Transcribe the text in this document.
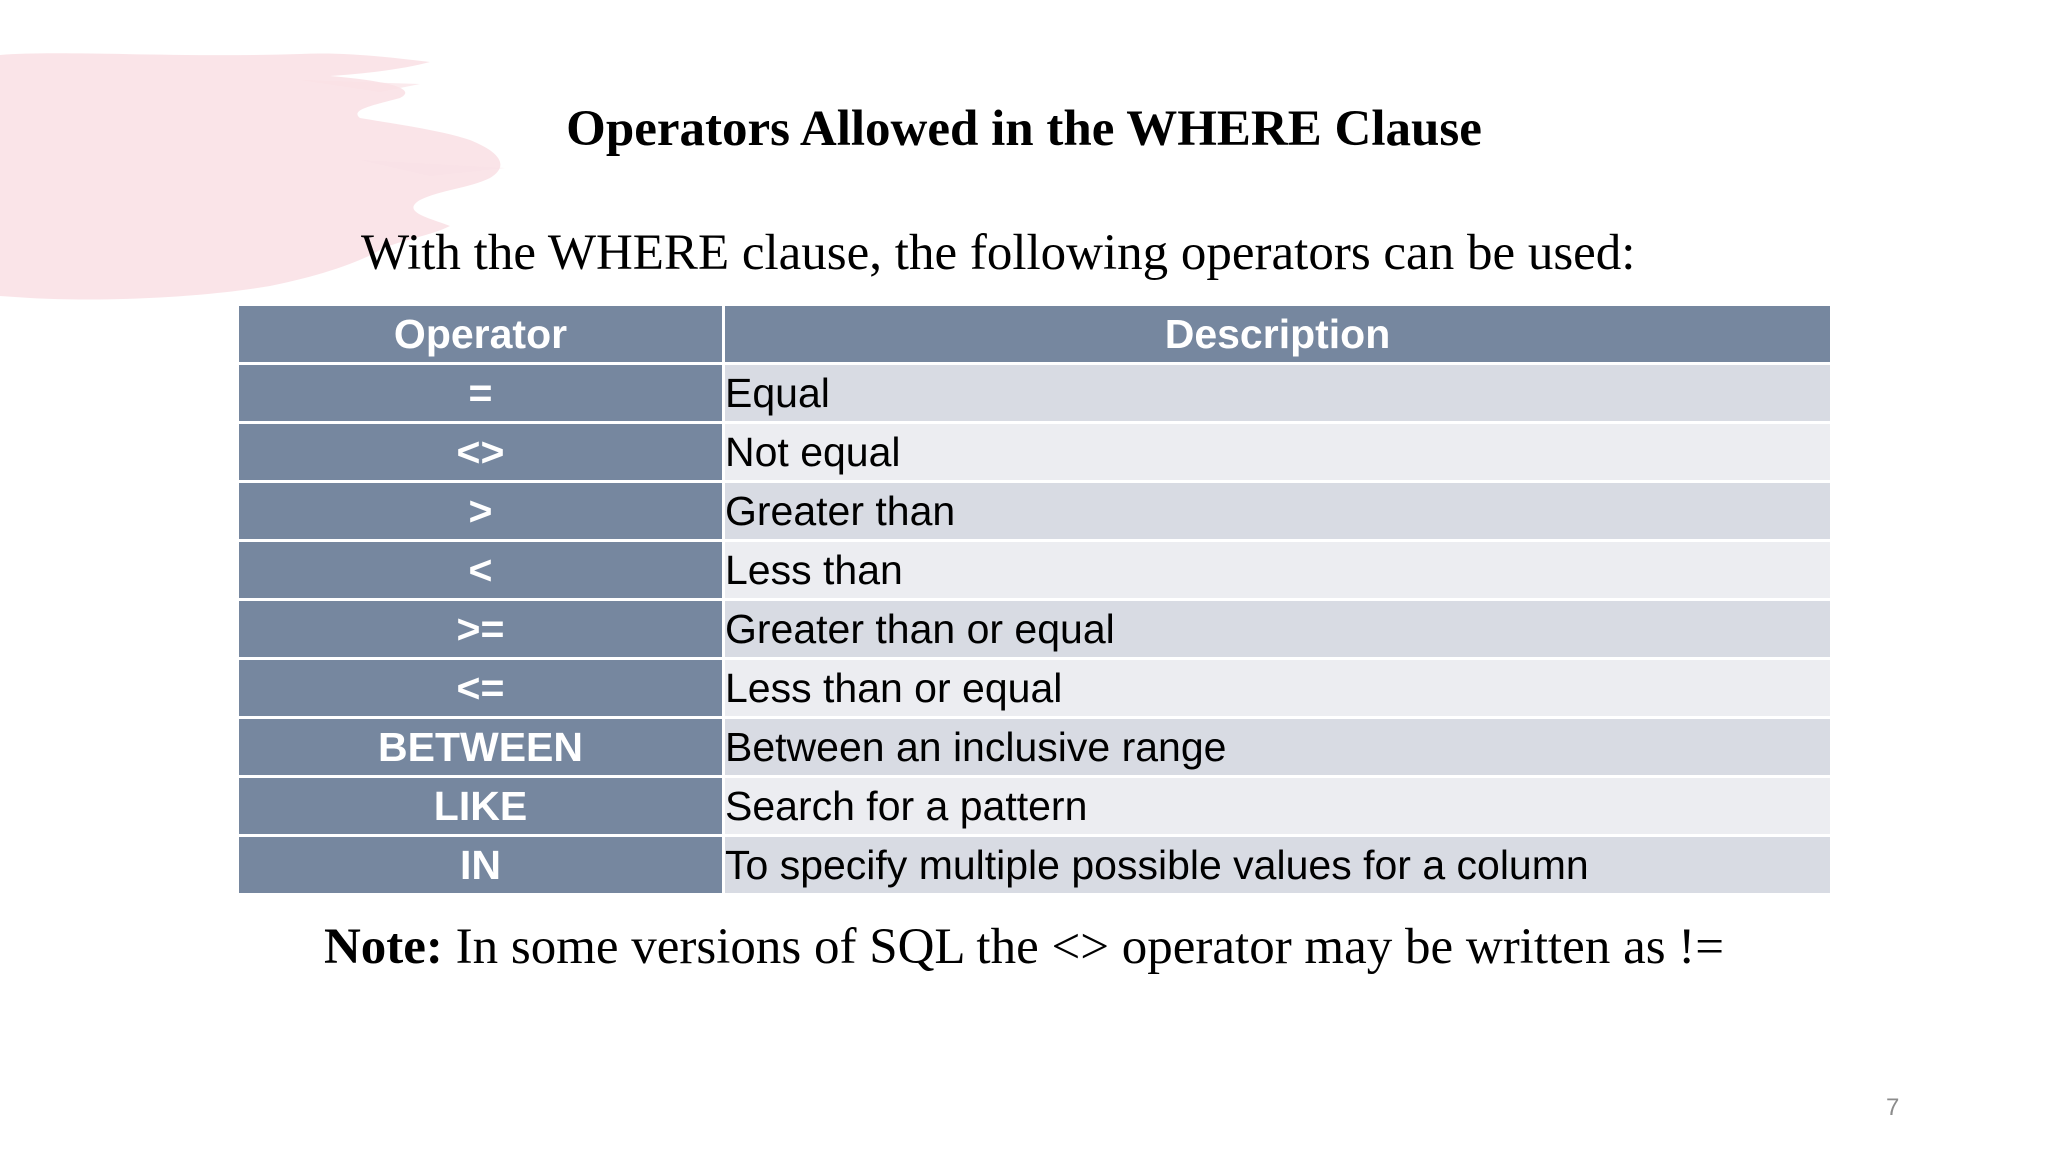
Operators Allowed in the WHERE Clause
With the WHERE clause, the following operators can be used:
Operator	Description
=	Equal
<>	Not equal
>	Greater than
<	Less than
>=	Greater than or equal
<=	Less than or equal
BETWEEN	Between an inclusive range
LIKE	Search for a pattern
IN	To specify multiple possible values for a column
Note: In some versions of SQL the <> operator may be written as !=
7
